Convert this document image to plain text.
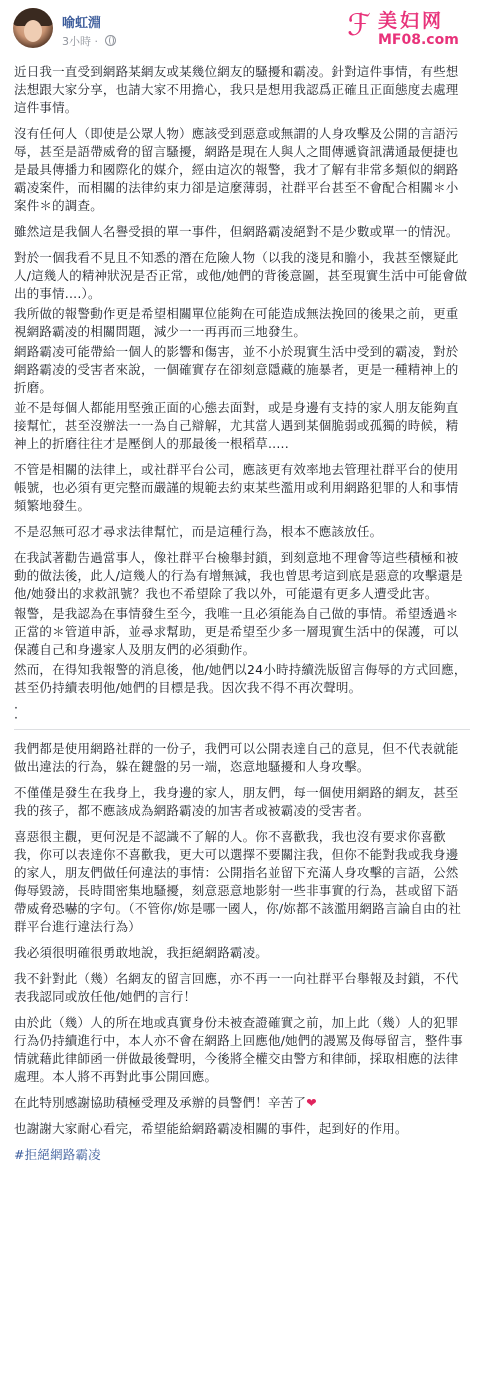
喻虹淵
3小時 ·	ℱ 美妇网
MF08.com

近日我一直受到網路某網友或某幾位網友的騷擾和霸凌。針對這件事情，有些想法想跟大家分享，也請大家不用擔心，我只是想用我認爲正確且正面態度去處理這件事情。

沒有任何人（即使是公眾人物）應該受到惡意或無謂的人身攻擊及公開的言語污辱，甚至是語帶威脅的留言騷擾，網路是現在人與人之間傳遞資訊溝通最便捷也是最具傳播力和國際化的媒介，經由這次的報警，我才了解有非常多類似的網路霸凌案件，而相關的法律約束力卻是這麼薄弱，社群平台甚至不會配合相關＊小案件＊的調查。

雖然這是我個人名譽受損的單一事件，但網路霸凌絕對不是少數或單一的情況。

對於一個我看不見且不知悉的潛在危險人物（以我的淺見和膽小，我甚至懷疑此人/這幾人的精神狀況是否正常，或他/她們的背後意圖，甚至現實生活中可能會做出的事情....）。

我所做的報警動作更是希望相關單位能夠在可能造成無法挽回的後果之前，更重視網路霸凌的相關問題，減少一一再再而三地發生。

網路霸凌可能帶給一個人的影響和傷害，並不小於現實生活中受到的霸凌，對於網路霸凌的受害者來說，一個確實存在卻刻意隱藏的施暴者，更是一種精神上的折磨。

並不是每個人都能用堅強正面的心態去面對，或是身邊有支持的家人朋友能夠直接幫忙，甚至沒辦法一一為自己辯解，尤其當人遇到某個脆弱或孤獨的時候，精神上的折磨往往才是壓倒人的那最後一根稻草.....

不管是相關的法律上，或社群平台公司，應該更有效率地去管理社群平台的使用帳號，也必須有更完整而嚴謹的規範去約束某些濫用或利用網路犯罪的人和事情頻繁地發生。

不是忍無可忍才尋求法律幫忙，而是這種行為，根本不應該放任。

在我試著勸告過當事人，像社群平台檢舉封鎖，到刻意地不理會等這些積極和被動的做法後，此人/這幾人的行為有增無減，我也曾思考這到底是惡意的攻擊還是他/她發出的求救訊號？我也不希望除了我以外，可能還有更多人遭受此害。

報警，是我認為在事情發生至今，我唯一且必須能為自己做的事情。希望透過＊正當的＊管道申訴，並尋求幫助，更是希望至少多一層現實生活中的保護，可以保護自己和身邊家人及朋友們的必須動作。

然而，在得知我報警的消息後，他/她們以24小時持續洗版留言侮辱的方式回應，甚至仍持續表明他/她們的目標是我。因次我不得不再次聲明。

·
·

我們都是使用網路社群的一份子，我們可以公開表達自己的意見，但不代表就能做出違法的行為，躲在鍵盤的另一端，恣意地騷擾和人身攻擊。

不僅僅是發生在我身上，我身邊的家人，朋友們，每一個使用網路的網友，甚至我的孩子，都不應該成為網路霸凌的加害者或被霸凌的受害者。

喜惡很主觀，更何況是不認識不了解的人。你不喜歡我，我也沒有要求你喜歡我，你可以表達你不喜歡我，更大可以選擇不要關注我，但你不能對我或我身邊的家人，朋友們做任何違法的事情：公開指名並留下充滿人身攻擊的言語，公然侮辱毀謗，長時間密集地騷擾，刻意惡意地影射一些非事實的行為，甚或留下語帶威脅恐嚇的字句。（不管你/妳是哪一國人，你/妳都不該濫用網路言論自由的社群平台進行違法行為）

我必須很明確很勇敢地說，我拒絕網路霸凌。

我不針對此（幾）名網友的留言回應，亦不再一一向社群平台舉報及封鎖，不代表我認同或放任他/她們的言行！

由於此（幾）人的所在地或真實身份未被查證確實之前，加上此（幾）人的犯罪行為仍持續進行中，本人亦不會在網路上回應他/她們的謾罵及侮辱留言，整件事情就藉此律師函一併做最後聲明，今後將全權交由警方和律師，採取相應的法律處理。本人將不再對此事公開回應。

在此特別感謝協助積極受理及承辦的員警們！辛苦了❤

也謝謝大家耐心看完，希望能給網路霸凌相關的事件，起到好的作用。

#拒絕網路霸凌
